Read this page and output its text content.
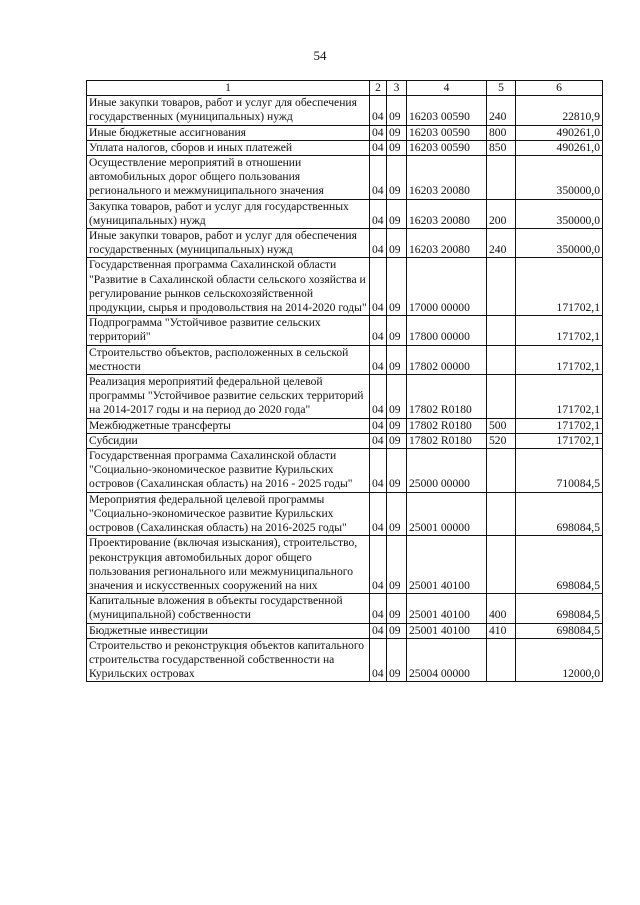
54
1	2	3	4	5	6
Иные закупки товаров, работ и услуг для обеспечения государственных (муниципальных) нужд	04	09	16203 00590	240	22810,9
Иные бюджетные ассигнования	04	09	16203 00590	800	490261,0
Уплата налогов, сборов и иных платежей	04	09	16203 00590	850	490261,0
Осуществление мероприятий в отношении автомобильных дорог общего пользования регионального и межмуниципального значения	04	09	16203 20080		350000,0
Закупка товаров, работ и услуг для государственных (муниципальных) нужд	04	09	16203 20080	200	350000,0
Иные закупки товаров, работ и услуг для обеспечения государственных (муниципальных) нужд	04	09	16203 20080	240	350000,0
Государственная программа Сахалинской области "Развитие в Сахалинской области сельского хозяйства и регулирование рынков сельскохозяйственной продукции, сырья и продовольствия на 2014-2020 годы"	04	09	17000 00000		171702,1
Подпрограмма "Устойчивое развитие сельских территорий"	04	09	17800 00000		171702,1
Строительство объектов, расположенных в сельской местности	04	09	17802 00000		171702,1
Реализация мероприятий федеральной целевой программы "Устойчивое развитие сельских территорий на 2014-2017 годы и на период до 2020 года"	04	09	17802 R0180		171702,1
Межбюджетные трансферты	04	09	17802 R0180	500	171702,1
Субсидии	04	09	17802 R0180	520	171702,1
Государственная программа Сахалинской области "Социально-экономическое развитие Курильских островов (Сахалинская область) на 2016 - 2025 годы"	04	09	25000 00000		710084,5
Мероприятия федеральной целевой программы "Социально-экономическое развитие Курильских островов (Сахалинская область) на 2016-2025 годы"	04	09	25001 00000		698084,5
Проектирование (включая изыскания), строительство, реконструкция автомобильных дорог общего пользования регионального или межмуниципального значения и искусственных сооружений на них	04	09	25001 40100		698084,5
Капитальные вложения в объекты государственной (муниципальной) собственности	04	09	25001 40100	400	698084,5
Бюджетные инвестиции	04	09	25001 40100	410	698084,5
Строительство и реконструкция объектов капитального строительства государственной собственности на Курильских островах	04	09	25004 00000		12000,0
